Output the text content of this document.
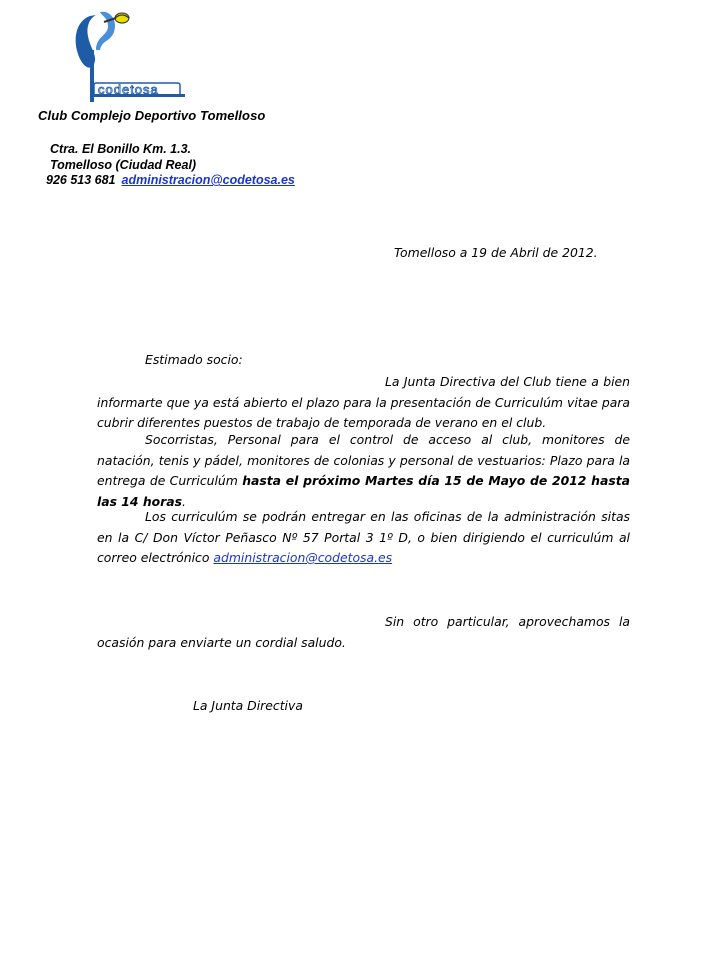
codetosa
Club Complejo Deportivo Tomelloso
Ctra. El Bonillo Km. 1.3.
Tomelloso (Ciudad Real)
926 513 681 administracion@codetosa.es
Tomelloso a 19 de Abril de 2012.
Estimado socio:
La Junta Directiva del Club tiene a bien informarte que ya está abierto el plazo para la presentación de Curriculúm vitae para cubrir diferentes puestos de trabajo de temporada de verano en el club.
Socorristas, Personal para el control de acceso al club, monitores de natación, tenis y pádel, monitores de colonias y personal de vestuarios: Plazo para la entrega de Curriculúm hasta el próximo Martes día 15 de Mayo de 2012 hasta las 14 horas.
Los curriculúm se podrán entregar en las oficinas de la administración sitas en la C/ Don Víctor Peñasco Nº 57 Portal 3 1º D, o bien dirigiendo el curriculúm al correo electrónico administracion@codetosa.es
Sin otro particular, aprovechamos la ocasión para enviarte un cordial saludo.
La Junta Directiva
